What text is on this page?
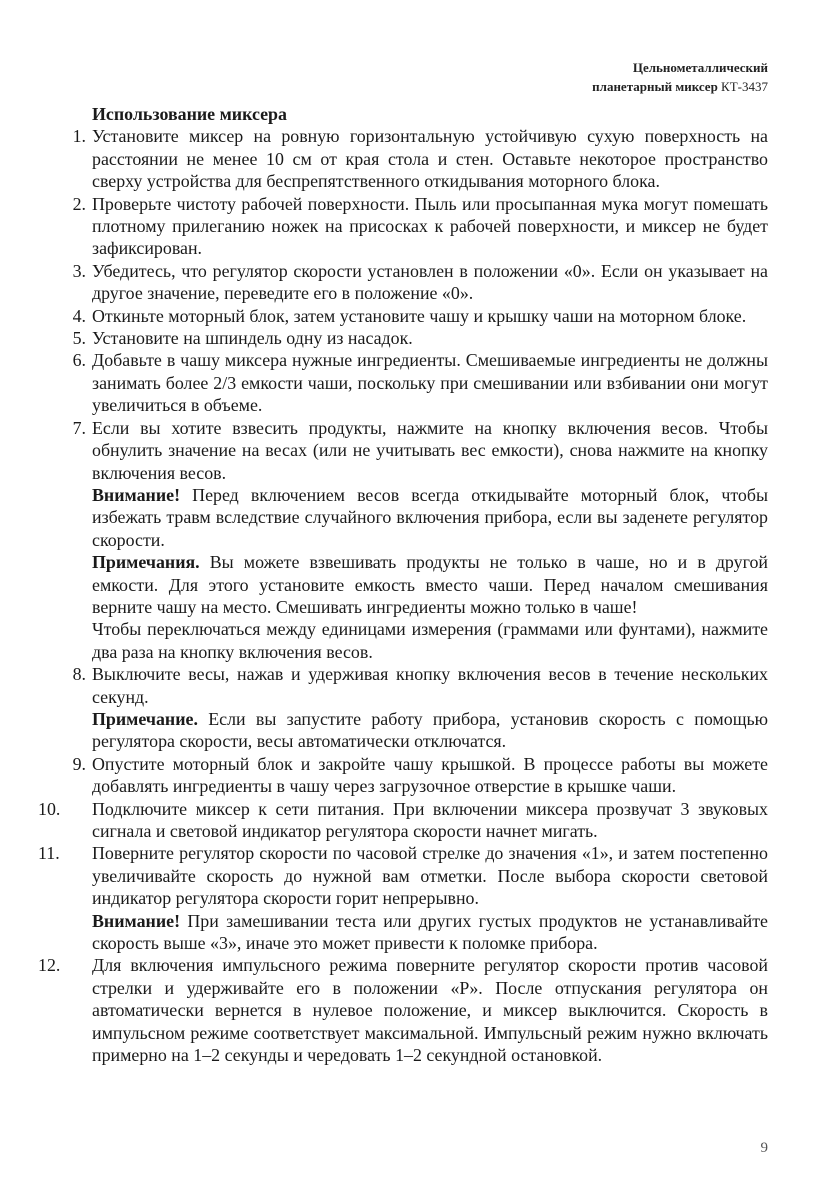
Цельнометаллический
планетарный миксер КТ-3437
Использование миксера
1. Установите миксер на ровную горизонтальную устойчивую сухую поверхность на расстоянии не менее 10 см от края стола и стен. Оставьте некоторое пространство сверху устройства для беспрепятственного откидывания моторного блока.

2. Проверьте чистоту рабочей поверхности. Пыль или просыпанная мука могут помешать плотному прилеганию ножек на присосках к рабочей поверхности, и миксер не будет зафиксирован.

3. Убедитесь, что регулятор скорости установлен в положении «0». Если он указывает на другое значение, переведите его в положение «0».

4. Откиньте моторный блок, затем установите чашу и крышку чаши на моторном блоке.

5. Установите на шпиндель одну из насадок.

6. Добавьте в чашу миксера нужные ингредиенты. Смешиваемые ингредиенты не должны занимать более 2/3 емкости чаши, поскольку при смешивании или взбивании они могут увеличиться в объеме.

7. Если вы хотите взвесить продукты, нажмите на кнопку включения весов. Чтобы обнулить значение на весах (или не учитывать вес емкости), снова нажмите на кнопку включения весов.

Внимание! Перед включением весов всегда откидывайте моторный блок, чтобы избежать травм вследствие случайного включения прибора, если вы заденете регулятор скорости.

Примечания. Вы можете взвешивать продукты не только в чаше, но и в другой емкости. Для этого установите емкость вместо чаши. Перед началом смешивания верните чашу на место. Смешивать ингредиенты можно только в чаше!

Чтобы переключаться между единицами измерения (граммами или фунтами), нажмите два раза на кнопку включения весов.

8. Выключите весы, нажав и удерживая кнопку включения весов в течение нескольких секунд.

Примечание. Если вы запустите работу прибора, установив скорость с помощью регулятора скорости, весы автоматически отключатся.

9. Опустите моторный блок и закройте чашу крышкой. В процессе работы вы можете добавлять ингредиенты в чашу через загрузочное отверстие в крышке чаши.

10.	Подключите миксер к сети питания. При включении миксера прозвучат 3 звуковых сигнала и световой индикатор регулятора скорости начнет мигать.

11.	Поверните регулятор скорости по часовой стрелке до значения «1», и затем постепенно увеличивайте скорость до нужной вам отметки. После выбора скорости световой индикатор регулятора скорости горит непрерывно.

Внимание! При замешивании теста или других густых продуктов не устанавливайте скорость выше «3», иначе это может привести к поломке прибора.

12.	Для включения импульсного режима поверните регулятор скорости против часовой стрелки и удерживайте его в положении «P». После отпускания регулятора он автоматически вернется в нулевое положение, и миксер выключится. Скорость в импульсном режиме соответствует максимальной. Импульсный режим нужно включать примерно на 1–2 секунды и чередовать 1–2 секундной остановкой.

9
